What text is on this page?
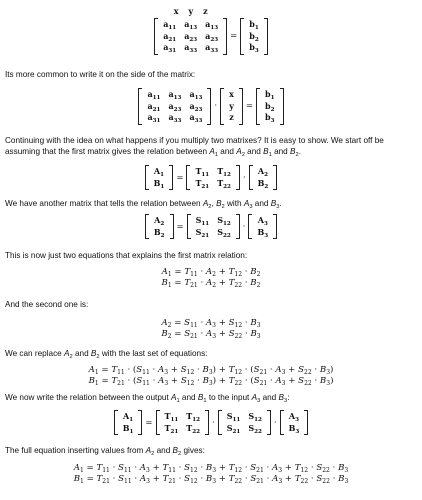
x	y	z
$a_{11}$	$a_{13}$	$a_{13}$
$a_{21}$	$a_{23}$	$a_{23}$
$a_{31}$	$a_{33}$	$a_{33}$
=
$b_1$
$b_2$
$b_3$
Its more common to write it on the side of the matrix:
$a_{11}$	$a_{13}$	$a_{13}$
$a_{21}$	$a_{23}$	$a_{23}$
$a_{31}$	$a_{33}$	$a_{33}$
·
x
y
z
=
$b_1$
$b_2$
$b_3$
Continuing with the idea on what happens if you multiply two matrixes? It is easy to show. We start off be assuming that the first matrix gives the relation between $A_1$ and $A_2$ and $B_1$ and $B_2$.
$A_1$
$B_1$
=
$T_{11}$	$T_{12}$
$T_{21}$	$T_{22}$
·
$A_2$
$B_2$
We have another matrix that tells the relation between $A_2$, $B_2$ with $A_3$ and $B_3$.
$A_2$
$B_2$
=
$S_{11}$	$S_{12}$
$S_{21}$	$S_{22}$
·
$A_3$
$B_3$
This is now just two equations that explains the first matrix relation:
$A_1 = T_{11} \cdot A_2 + T_{12} \cdot B_2$
$B_1 = T_{21} \cdot A_2 + T_{22} \cdot B_2$
And the second one is:
$A_2 = S_{11} \cdot A_3 + S_{12} \cdot B_3$
$B_2 = S_{21} \cdot A_3 + S_{22} \cdot B_3$
We can replace $A_2$ and $B_2$ with the last set of equations:
$A_1 = T_{11} \cdot (S_{11} \cdot A_3 + S_{12} \cdot B_3) + T_{12} \cdot (S_{21} \cdot A_3 + S_{22} \cdot B_3)$
$B_1 = T_{21} \cdot (S_{11} \cdot A_3 + S_{12} \cdot B_3) + T_{22} \cdot (S_{21} \cdot A_3 + S_{22} \cdot B_3)$
We now write the relation between the output $A_1$ and $B_1$ to the input $A_3$ and $B_3$:
$A_1$
$B_1$
=
$T_{11}$	$T_{12}$
$T_{21}$	$T_{22}$
·
$S_{11}$	$S_{12}$
$S_{21}$	$S_{22}$
·
$A_3$
$B_3$
The full equation inserting values from $A_2$ and $B_2$ gives:
$A_1 = T_{11} \cdot S_{11} \cdot A_3 + T_{11} \cdot S_{12} \cdot B_3 + T_{12} \cdot S_{21} \cdot A_3 + T_{12} \cdot S_{22} \cdot B_3$
$B_1 = T_{21} \cdot S_{11} \cdot A_3 + T_{21} \cdot S_{12} \cdot B_3 + T_{22} \cdot S_{21} \cdot A_3 + T_{22} \cdot S_{22} \cdot B_3$
